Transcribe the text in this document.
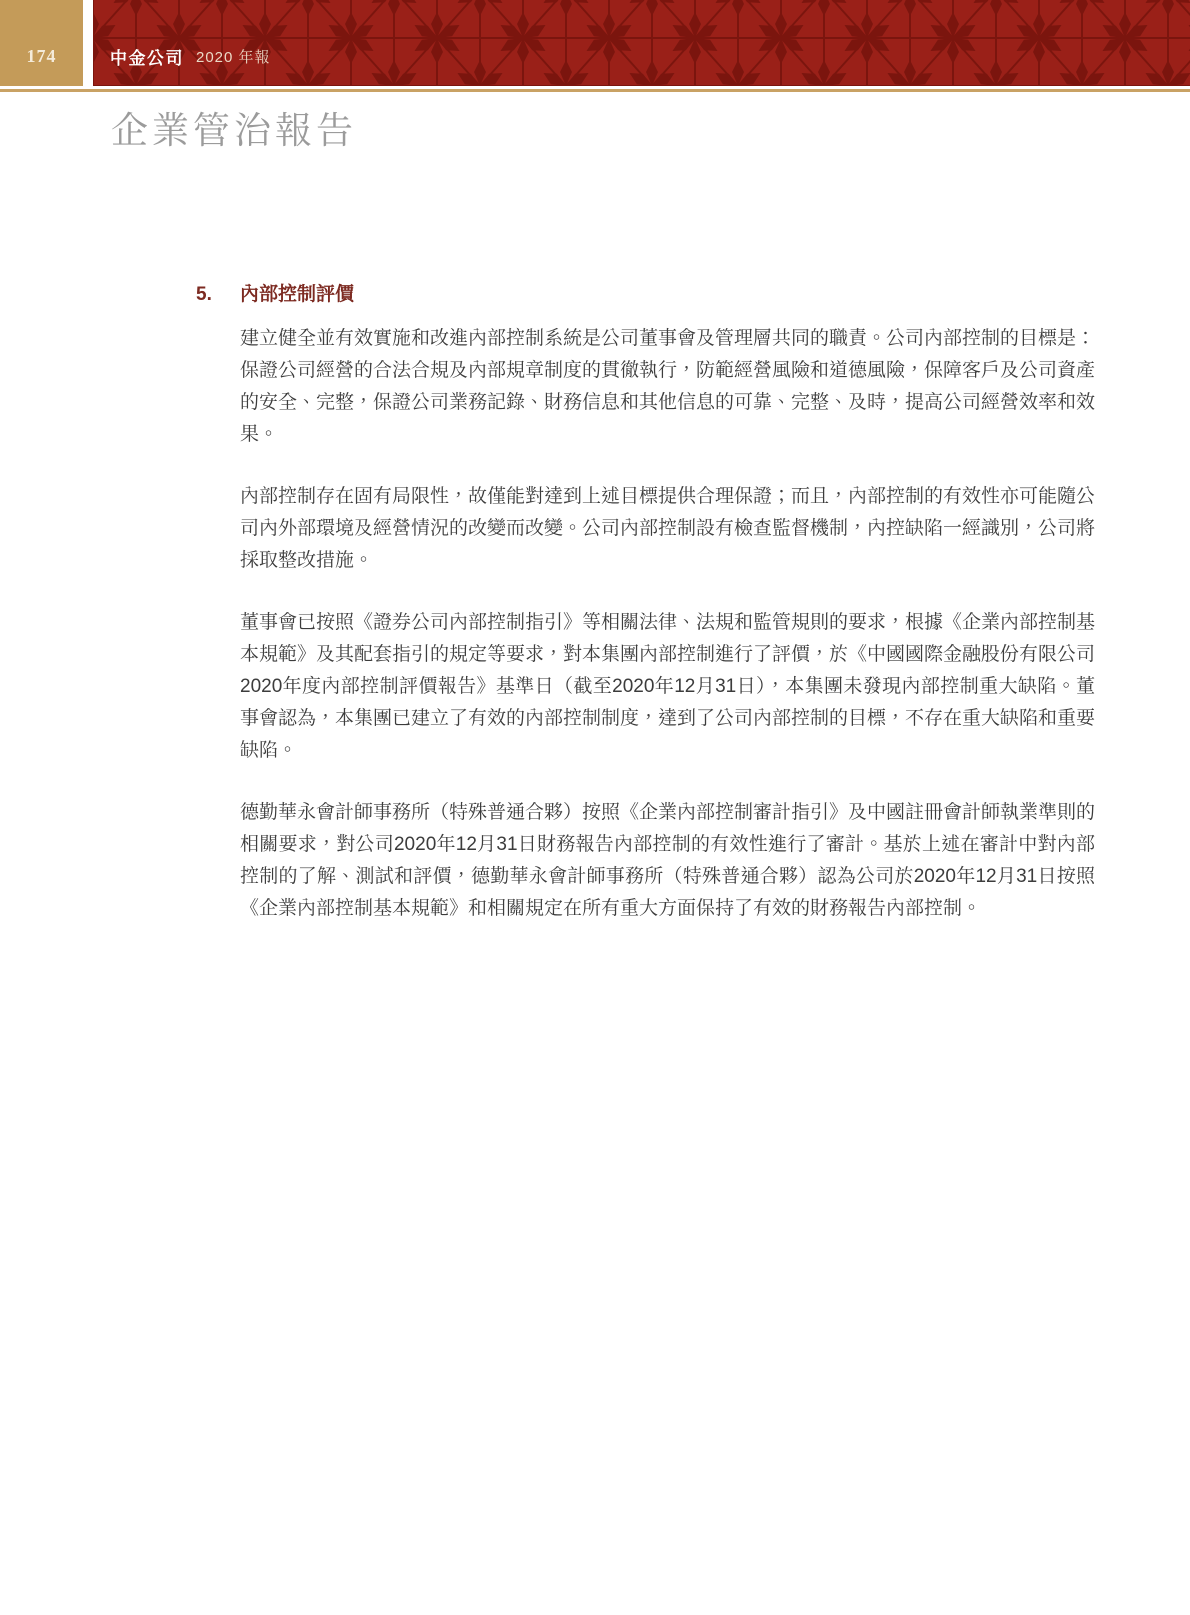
174	中金公司 2020 年報
企業管治報告
5.	內部控制評價

建立健全並有效實施和改進內部控制系統是公司董事會及管理層共同的職責。公司內部控制的目標是：保證公司經營的合法合規及內部規章制度的貫徹執行，防範經營風險和道德風險，保障客戶及公司資產的安全、完整，保證公司業務記錄、財務信息和其他信息的可靠、完整、及時，提高公司經營效率和效果。

內部控制存在固有局限性，故僅能對達到上述目標提供合理保證；而且，內部控制的有效性亦可能隨公司內外部環境及經營情況的改變而改變。公司內部控制設有檢查監督機制，內控缺陷一經識別，公司將採取整改措施。

董事會已按照《證券公司內部控制指引》等相關法律、法規和監管規則的要求，根據《企業內部控制基本規範》及其配套指引的規定等要求，對本集團內部控制進行了評價，於《中國國際金融股份有限公司2020年度內部控制評價報告》基準日（截至2020年12月31日），本集團未發現內部控制重大缺陷。董事會認為，本集團已建立了有效的內部控制制度，達到了公司內部控制的目標，不存在重大缺陷和重要缺陷。

德勤華永會計師事務所（特殊普通合夥）按照《企業內部控制審計指引》及中國註冊會計師執業準則的相關要求，對公司2020年12月31日財務報告內部控制的有效性進行了審計。基於上述在審計中對內部控制的了解、測試和評價，德勤華永會計師事務所（特殊普通合夥）認為公司於2020年12月31日按照《企業內部控制基本規範》和相關規定在所有重大方面保持了有效的財務報告內部控制。
